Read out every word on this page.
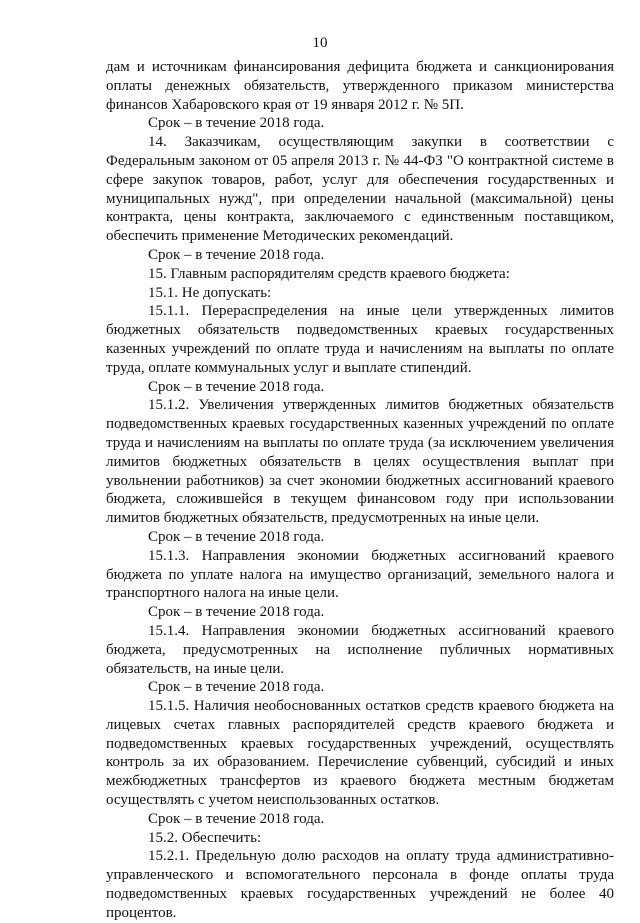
10

дам и источникам финансирования дефицита бюджета и санкционирования оплаты денежных обязательств, утвержденного приказом министерства финансов Хабаровского края от 19 января 2012 г. № 5П.

Срок – в течение 2018 года.

14. Заказчикам, осуществляющим закупки в соответствии с Федеральным законом от 05 апреля 2013 г. № 44-ФЗ "О контрактной системе в сфере закупок товаров, работ, услуг для обеспечения государственных и муниципальных нужд", при определении начальной (максимальной) цены контракта, цены контракта, заключаемого с единственным поставщиком, обеспечить применение Методических рекомендаций.

Срок – в течение 2018 года.

15. Главным распорядителям средств краевого бюджета:

15.1. Не допускать:

15.1.1. Перераспределения на иные цели утвержденных лимитов бюджетных обязательств подведомственных краевых государственных казенных учреждений по оплате труда и начислениям на выплаты по оплате труда, оплате коммунальных услуг и выплате стипендий.

Срок – в течение 2018 года.

15.1.2. Увеличения утвержденных лимитов бюджетных обязательств подведомственных краевых государственных казенных учреждений по оплате труда и начислениям на выплаты по оплате труда (за исключением увеличения лимитов бюджетных обязательств в целях осуществления выплат при увольнении работников) за счет экономии бюджетных ассигнований краевого бюджета, сложившейся в текущем финансовом году при использовании лимитов бюджетных обязательств, предусмотренных на иные цели.

Срок – в течение 2018 года.

15.1.3. Направления экономии бюджетных ассигнований краевого бюджета по уплате налога на имущество организаций, земельного налога и транспортного налога на иные цели.

Срок – в течение 2018 года.

15.1.4. Направления экономии бюджетных ассигнований краевого бюджета, предусмотренных на исполнение публичных нормативных обязательств, на иные цели.

Срок – в течение 2018 года.

15.1.5. Наличия необоснованных остатков средств краевого бюджета на лицевых счетах главных распорядителей средств краевого бюджета и подведомственных краевых государственных учреждений, осуществлять контроль за их образованием. Перечисление субвенций, субсидий и иных межбюджетных трансфертов из краевого бюджета местным бюджетам осуществлять с учетом неиспользованных остатков.

Срок – в течение 2018 года.

15.2. Обеспечить:

15.2.1. Предельную долю расходов на оплату труда административно-управленческого и вспомогательного персонала в фонде оплаты труда подведомственных краевых государственных учреждений не более 40 процентов.
